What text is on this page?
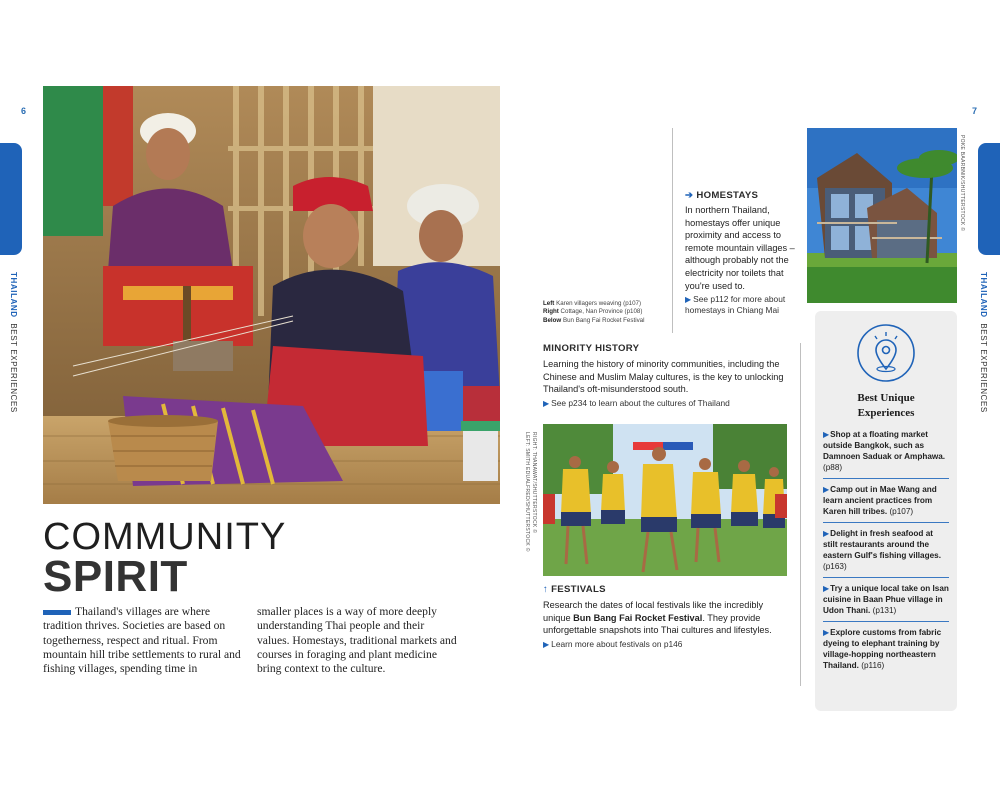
6	7
THAILAND  BEST EXPERIENCES
THAILAND  BEST EXPERIENCES
COMMUNITY
SPIRIT
Thailand's villages are where tradition thrives. Societies are based on togetherness, respect and ritual. From mountain hill tribe settlements to rural and fishing villages, spending time in
smaller places is a way of more deeply understanding Thai people and their values. Homestays, traditional markets and courses in foraging and plant medicine bring context to the culture.
RIGHT: THANAWAT/SHUTTERSTOCK ©
LEFT: SMITH EDUALFRED/SHUTTERSTOCK ©
POKE BAARBNIK/SHUTTERSTOCK ©
Left Karen villagers weaving (p107)
Right Cottage, Nan Province (p108)
Below Bun Bang Fai Rocket Festival
➔ HOMESTAYS
In northern Thailand, homestays offer unique proximity and access to remote mountain villages – although probably not the electricity nor toilets that you're used to.
▶ See p112 for more about homestays in Chiang Mai
MINORITY HISTORY
Learning the history of minority communities, including the Chinese and Muslim Malay cultures, is the key to unlocking Thailand's oft-misunderstood south.
▶ See p234 to learn about the cultures of Thailand
↑ FESTIVALS
Research the dates of local festivals like the incredibly unique Bun Bang Fai Rocket Festival. They provide unforgettable snapshots into Thai cultures and lifestyles.
▶ Learn more about festivals on p146
Best Unique
Experiences
▶Shop at a floating market outside Bangkok, such as Damnoen Saduak or Amphawa. (p88)
▶Camp out in Mae Wang and learn ancient practices from Karen hill tribes. (p107)
▶Delight in fresh seafood at stilt restaurants around the eastern Gulf's fishing villages. (p163)
▶Try a unique local take on Isan cuisine in Baan Phue village in Udon Thani. (p131)
▶Explore customs from fabric dyeing to elephant training by village-hopping northeastern Thailand. (p116)
